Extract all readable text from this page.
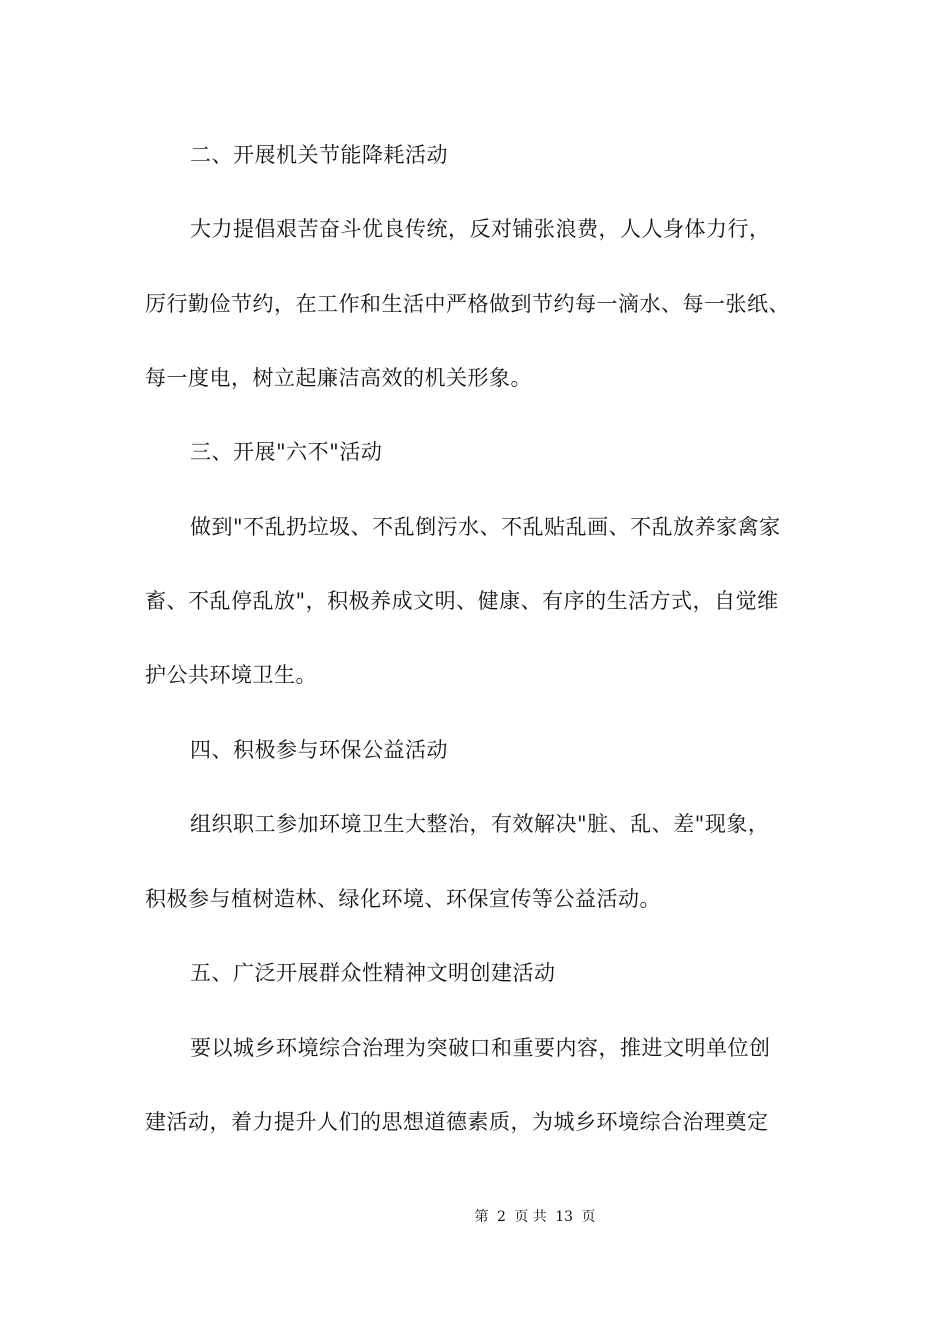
二、开展机关节能降耗活动
大力提倡艰苦奋斗优良传统，反对铺张浪费，人人身体力行，
厉行勤俭节约，在工作和生活中严格做到节约每一滴水、每一张纸、
每一度电，树立起廉洁高效的机关形象。
三、开展"六不"活动
做到"不乱扔垃圾、不乱倒污水、不乱贴乱画、不乱放养家禽家
畜、不乱停乱放"，积极养成文明、健康、有序的生活方式，自觉维
护公共环境卫生。
四、积极参与环保公益活动
组织职工参加环境卫生大整治，有效解决"脏、乱、差"现象，
积极参与植树造林、绿化环境、环保宣传等公益活动。
五、广泛开展群众性精神文明创建活动
要以城乡环境综合治理为突破口和重要内容，推进文明单位创
建活动，着力提升人们的思想道德素质，为城乡环境综合治理奠定
第 2 页 共 13 页
